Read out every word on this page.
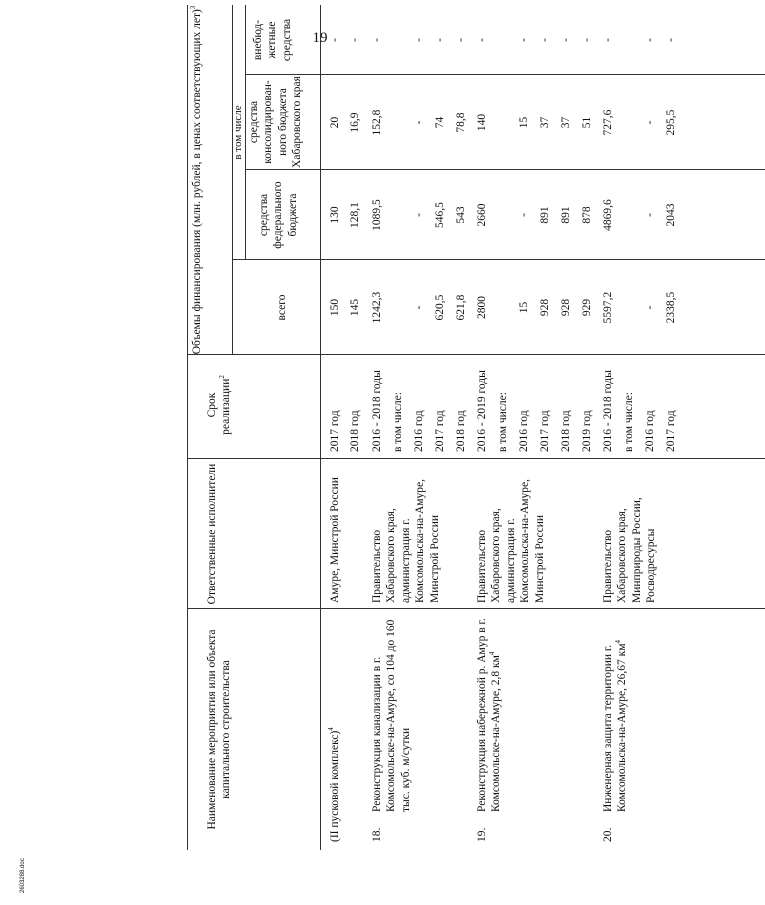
19
2603288.doc
Наименование мероприятия или объекта капитального строительства
Ответственные исполнители
Срок реализации$^2$
Объемы финансирования (млн. рублей, в ценах соответствующих лет)$^3$
в том числе
всего
средства федерального бюджета
средства консолидирован-ного бюджета Хабаровского края
внебюд-жетные средства
(II пусковой комплекс)$^4$
Амуре, Минстрой России
2017 год
150
130
20
-
2018 год
145
128,1
16,9
-
18.
Реконструкция канализации в г. Комсомольске-на-Амуре, со 104 до 160 тыс. куб. м/сутки
Правительство Хабаровского края, администрация г. Комсомольска-на-Амуре, Минстрой России
2016 - 2018 годы
1242,3
1089,5
152,8
-
в том числе: 2016 год
-
-
-
-
2017 год
620,5
546,5
74
-
2018 год
621,8
543
78,8
-
19.
Реконструкция набережной р. Амур в г. Комсомольске-на-Амуре, 2,8 $км^4$
Правительство Хабаровского края, администрация г. Комсомольска-на-Амуре, Минстрой России
2016 - 2019 годы
2800
2660
140
-
в том числе: 2016 год
15
-
15
-
2017 год
928
891
37
-
2018 год
928
891
37
-
2019 год
929
878
51
-
20.
Инженерная защита территории г. Комсомольска-на-Амуре, 26,67 $км^4$
Правительство Хабаровского края, Минприроды России, Росводресурсы
2016 - 2018 годы
5597,2
4869,6
727,6
-
в том числе: 2016 год
-
-
-
-
2017 год
2338,5
2043
295,5
-
